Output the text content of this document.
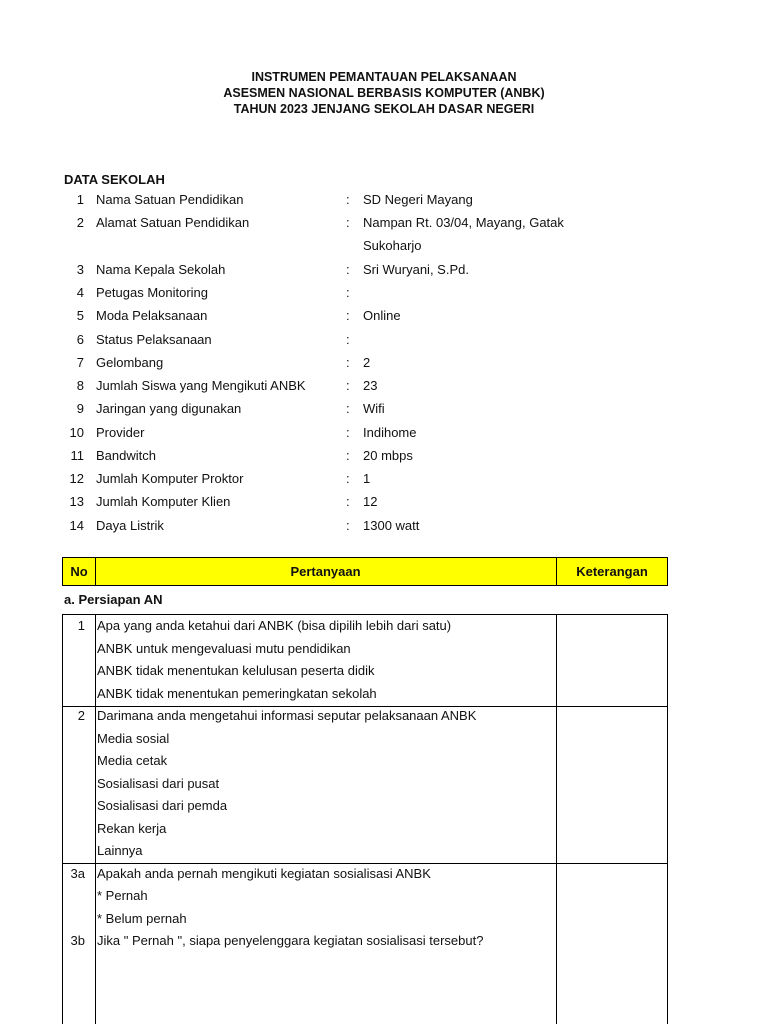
INSTRUMEN PEMANTAUAN PELAKSANAAN
ASESMEN NASIONAL BERBASIS KOMPUTER (ANBK)
TAHUN 2023 JENJANG SEKOLAH DASAR NEGERI
DATA SEKOLAH
1 Nama Satuan Pendidikan	: SD Negeri Mayang
2 Alamat Satuan Pendidikan	: Nampan Rt. 03/04, Mayang, Gatak
Sukoharjo
3 Nama Kepala Sekolah	: Sri Wuryani, S.Pd.
4 Petugas Monitoring	:
5 Moda Pelaksanaan	: Online
6 Status Pelaksanaan	:
7 Gelombang	: 2
8 Jumlah Siswa yang Mengikuti ANBK	: 23
9 Jaringan yang digunakan	: Wifi
10 Provider	: Indihome
11 Bandwitch	: 20 mbps
12 Jumlah Komputer Proktor	: 1
13 Jumlah Komputer Klien	: 12
14 Daya Listrik	: 1300 watt
No	Pertanyaan	Keterangan
a. Persiapan AN
1 Apa yang anda ketahui dari ANBK (bisa dipilih lebih dari satu)
ANBK untuk mengevaluasi mutu pendidikan
ANBK tidak menentukan kelulusan peserta didik
ANBK tidak menentukan pemeringkatan sekolah
2 Darimana anda mengetahui informasi seputar pelaksanaan ANBK
Media sosial
Media cetak
Sosialisasi dari pusat
Sosialisasi dari pemda
Rekan kerja
Lainnya
3a Apakah anda pernah mengikuti kegiatan sosialisasi ANBK
* Pernah
* Belum pernah
3b Jika " Pernah ", siapa penyelenggara kegiatan sosialisasi tersebut?
